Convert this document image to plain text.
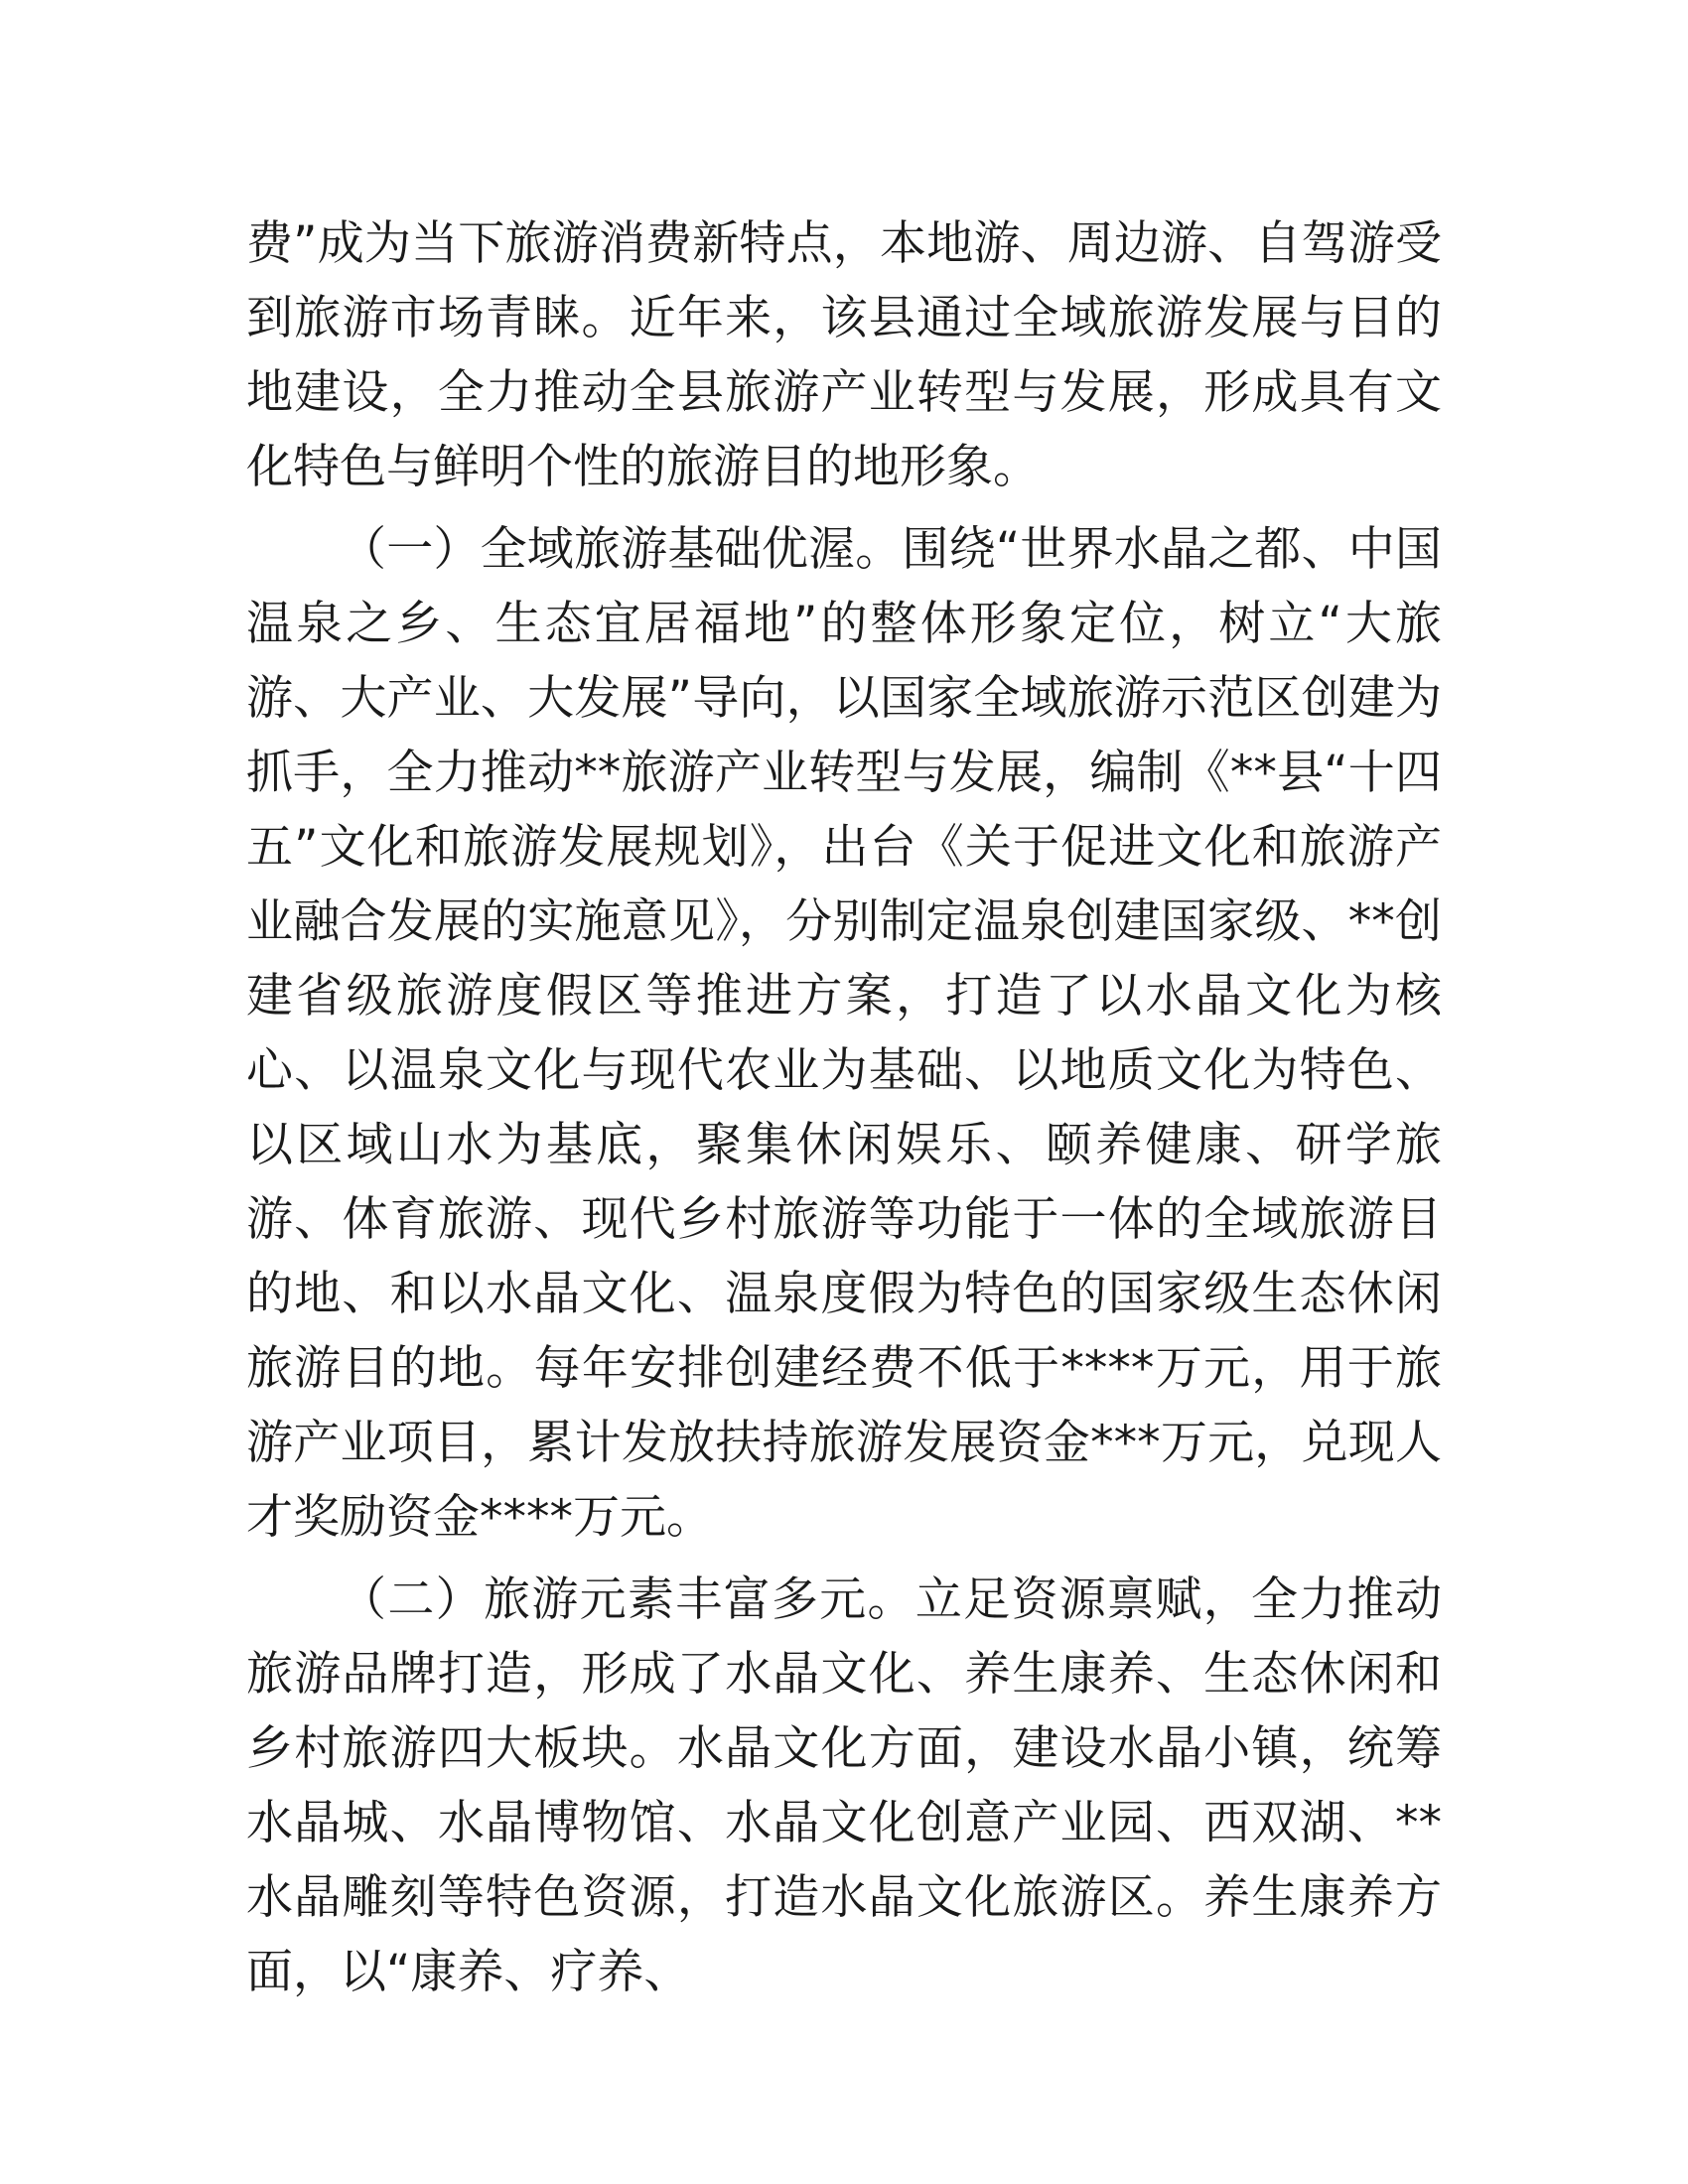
费”成为当下旅游消费新特点，本地游、周边游、自驾游受到旅游市场青睐。近年来，该县通过全域旅游发展与目的地建设，全力推动全县旅游产业转型与发展，形成具有文化特色与鲜明个性的旅游目的地形象。

（一）全域旅游基础优渥。围绕“世界水晶之都、中国温泉之乡、生态宜居福地”的整体形象定位，树立“大旅游、大产业、大发展”导向，以国家全域旅游示范区创建为抓手，全力推动**旅游产业转型与发展，编制《**县“十四五”文化和旅游发展规划》，出台《关于促进文化和旅游产业融合发展的实施意见》，分别制定温泉创建国家级、**创建省级旅游度假区等推进方案，打造了以水晶文化为核心、以温泉文化与现代农业为基础、以地质文化为特色、以区域山水为基底，聚集休闲娱乐、颐养健康、研学旅游、体育旅游、现代乡村旅游等功能于一体的全域旅游目的地、和以水晶文化、温泉度假为特色的国家级生态休闲旅游目的地。每年安排创建经费不低于****万元，用于旅游产业项目，累计发放扶持旅游发展资金***万元，兑现人才奖励资金****万元。

（二）旅游元素丰富多元。立足资源禀赋，全力推动旅游品牌打造，形成了水晶文化、养生康养、生态休闲和乡村旅游四大板块。水晶文化方面，建设水晶小镇，统筹水晶城、水晶博物馆、水晶文化创意产业园、西双湖、**水晶雕刻等特色资源，打造水晶文化旅游区。养生康养方面，以“康养、疗养、
